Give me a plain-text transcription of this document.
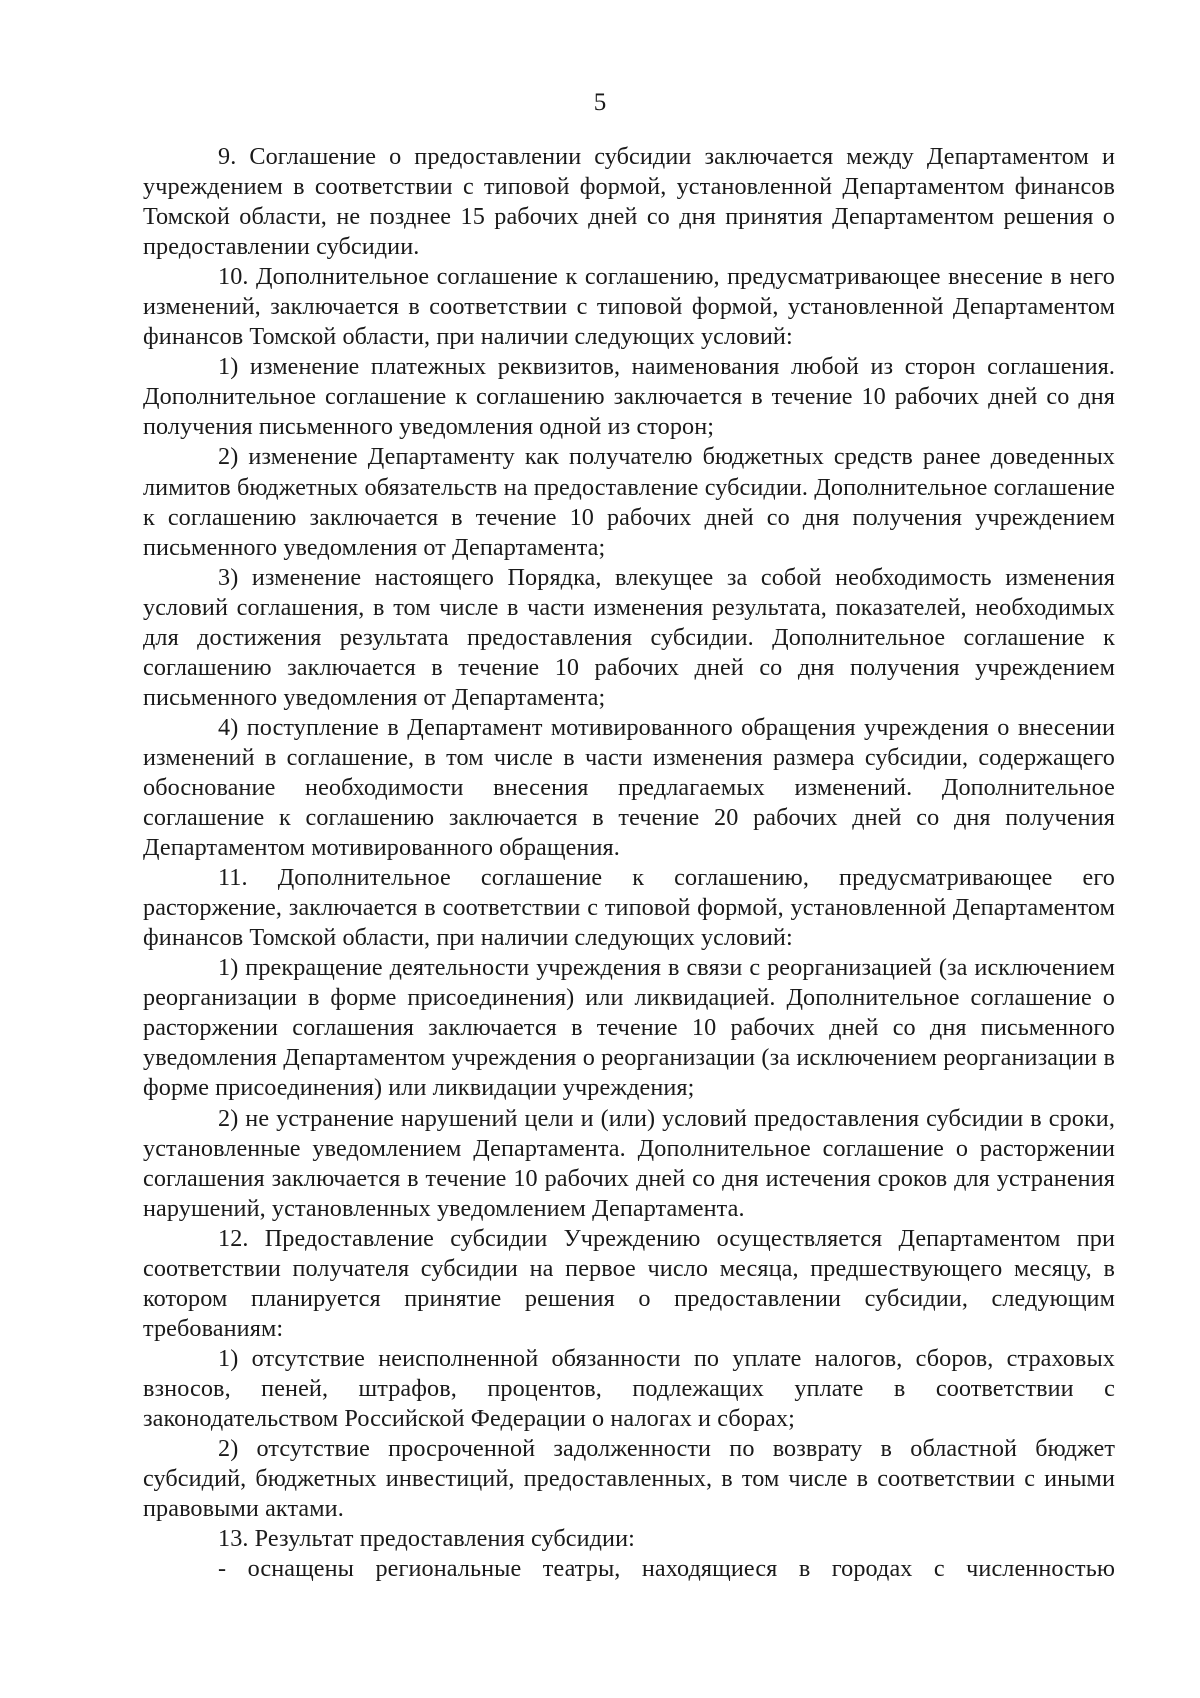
5

9. Соглашение о предоставлении субсидии заключается между Департаментом и учреждением в соответствии с типовой формой, установленной Департаментом финансов Томской области, не позднее 15 рабочих дней со дня принятия Департаментом решения о предоставлении субсидии.

10. Дополнительное соглашение к соглашению, предусматривающее внесение в него изменений, заключается в соответствии с типовой формой, установленной Департаментом финансов Томской области, при наличии следующих условий:

1) изменение платежных реквизитов, наименования любой из сторон соглашения. Дополнительное соглашение к соглашению заключается в течение 10 рабочих дней со дня получения письменного уведомления одной из сторон;

2) изменение Департаменту как получателю бюджетных средств ранее доведенных лимитов бюджетных обязательств на предоставление субсидии. Дополнительное соглашение к соглашению заключается в течение 10 рабочих дней со дня получения учреждением письменного уведомления от Департамента;

3) изменение настоящего Порядка, влекущее за собой необходимость изменения условий соглашения, в том числе в части изменения результата, показателей, необходимых для достижения результата предоставления субсидии. Дополнительное соглашение к соглашению заключается в течение 10 рабочих дней со дня получения учреждением письменного уведомления от Департамента;

4) поступление в Департамент мотивированного обращения учреждения о внесении изменений в соглашение, в том числе в части изменения размера субсидии, содержащего обоснование необходимости внесения предлагаемых изменений. Дополнительное соглашение к соглашению заключается в течение 20 рабочих дней со дня получения Департаментом мотивированного обращения.

11. Дополнительное соглашение к соглашению, предусматривающее его расторжение, заключается в соответствии с типовой формой, установленной Департаментом финансов Томской области, при наличии следующих условий:

1) прекращение деятельности учреждения в связи с реорганизацией (за исключением реорганизации в форме присоединения) или ликвидацией. Дополнительное соглашение о расторжении соглашения заключается в течение 10 рабочих дней со дня письменного уведомления Департаментом учреждения о реорганизации (за исключением реорганизации в форме присоединения) или ликвидации учреждения;

2) не устранение нарушений цели и (или) условий предоставления субсидии в сроки, установленные уведомлением Департамента. Дополнительное соглашение о расторжении соглашения заключается в течение 10 рабочих дней со дня истечения сроков для устранения нарушений, установленных уведомлением Департамента.

12. Предоставление субсидии Учреждению осуществляется Департаментом при соответствии получателя субсидии на первое число месяца, предшествующего месяцу, в котором планируется принятие решения о предоставлении субсидии, следующим требованиям:

1) отсутствие неисполненной обязанности по уплате налогов, сборов, страховых взносов, пеней, штрафов, процентов, подлежащих уплате в соответствии с законодательством Российской Федерации о налогах и сборах;

2) отсутствие просроченной задолженности по возврату в областной бюджет субсидий, бюджетных инвестиций, предоставленных, в том числе в соответствии с иными правовыми актами.

13. Результат предоставления субсидии:

- оснащены региональные театры, находящиеся в городах с численностью
